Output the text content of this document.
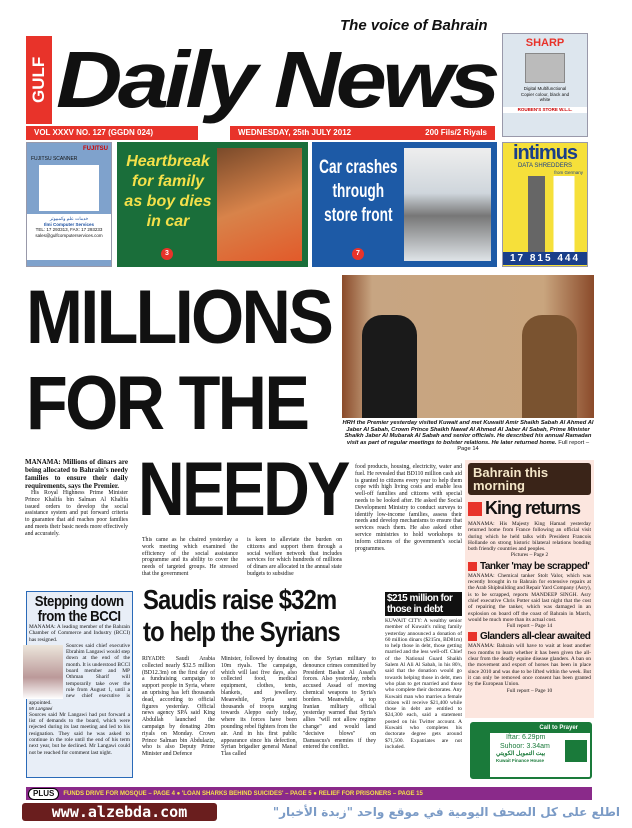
GULF
The voice of Bahrain
Daily News
VOL XXXV NO. 127 (GGDN 024)	WEDNESDAY, 25th JULY 2012	200 Fils/2 Riyals
SHARP
Digital Multifunctional Copier colour, black and white
ROUBEN'S STORE W.L.L.
FUJITSU
FUJITSU SCANNER
خدمات علم وكمبيوتر
Ilmi Computer Services
TEL: 17 293313, FAX: 17 293233
sales@gulfcomputerservices.com
Heartbreak for family as boy dies in car
3
Car crashes through store front
7
intimus
DATA SHREDDERS
from Germany
17 815 444
MILLIONS
FOR THE
NEEDY
HRH the Premier yesterday visited Kuwait and met Kuwaiti Amir Shaikh Sabah Al Ahmed Al Jaber Al Sabah, Crown Prince Shaikh Nawaf Al Ahmed Al Jaber Al Sabah, Prime Minister Shaikh Jaber Al Mubarak Al Sabah and senior officials. He described his annual Ramadan visit as part of regular meetings to bolster relations. He later returned home. Full report – Page 14
MANAMA: Millions of dinars are being allocated to Bahrain's needy families to ensure their daily requirements, says the Premier.
His Royal Highness Prime Minister Prince Khalifa bin Salman Al Khalifa issued orders to develop the social assistance system and put forward criteria to guarantee that aid reaches poor families and meets their basic needs more effectively and accurately.
This came as he chaired yesterday a work meeting which examined the efficiency of the social assistance programme and its ability to cover the needs of targeted groups. He stressed that the government
is keen to alleviate the burden on citizens and support them through a social welfare network that includes services for which hundreds of millions of dinars are allocated in the annual state budgets to subsidise
food products, housing, electricity, water and fuel. He revealed that BD110 million cash aid is granted to citizens every year to help them cope with high living costs and enable less well-off families and citizens with special needs to be looked after. He asked the Social Development Ministry to conduct surveys to identify low-income families, assess their needs and develop mechanisms to ensure that services reach them. He also asked other service ministries to hold workshops to inform citizens of the government's social programmes.
Bahrain this morning
King returns
MANAMA: His Majesty King Hamad yesterday returned home from France following an official visit during which he held talks with President Francois Hollande on strong historic bilateral relations bonding both friendly countries and peoples.
Pictures – Page 2
Tanker 'may be scrapped'
MANAMA: Chemical tanker Stolt Valor, which was recently brought in to Bahrain for extensive repairs at the Arab Shipbuilding and Repair Yard Company (Asry), is to be scrapped, reports MANDEEP SINGH. Asry chief executive Chris Potter said last night that the cost of repairing the tanker, which was damaged in an explosion on board off the coast of Bahrain in March, would be much more than its actual cost.
Full report – Page 14
Glanders all-clear awaited
MANAMA: Bahrain will have to wait at least another two months to learn whether it has been given the all-clear from the deadly equine disease glanders. A ban on the movement and export of horses has been in place since 2010 and was due to be lifted within the week. But it can only be removed once consent has been granted by the European Union.
Full report – Page 10
Call to Prayer
Iftar: 6.29pm
Suhoor: 3.34am
بيت التمويل الكويتي
Kuwait Finance House
Stepping down from the BCCI
MANAMA: A leading member of the Bahrain Chamber of Commerce and Industry (BCCI) has resigned.
Sources said chief executive Ebrahim Langawi would step down at the end of the month. It is understood BCCI board member and MP Othman Sharif will temporarily take over the role from August 1, until a new chief executive is appointed.
Mr Langawi
Sources said Mr Langawi had put forward a list of demands to the board, which were rejected during its last meeting and led to his resignation. They said he was asked to continue in the role until the end of his term next year, but he declined. Mr Langawi could not be reached for comment last night.
Saudis raise $32m
to help the Syrians
RIYADH: Saudi Arabia collected nearly $32.5 million (BD12.3m) on the first day of a fundraising campaign to support people in Syria, where an uprising has left thousands dead, according to official figures yesterday. Official news agency SPA said King Abdullah launched the campaign by donating 20m riyals on Monday. Crown Prince Salman bin Abdulaziz, who is also Deputy Prime Minister and Defence
Minister, followed by donating 10m riyals. The campaign, which will last five days, also collected food, medical equipment, clothes, tents, blankets, and jewellery. Meanwhile, Syria sent thousands of troops surging towards Aleppo early today, where its forces have been pounding rebel fighters from the air. And in his first public appearance since his defection, Syrian brigadier general Manaf Tlas called
on the Syrian military to denounce crimes committed by President Bashar Al Assad's forces. Also yesterday, rebels accused Assad of moving chemical weapons to Syria's borders. Meanwhile, a top Iranian military official yesterday warned that Syria's allies "will not allow regime change" and would land "decisive blows" on Damascus's enemies if they entered the conflict.
$215 million for those in debt
KUWAIT CITY: A wealthy senior member of Kuwait's ruling family yesterday announced a donation of 60 million dinars ($215m, BD81m) to help those in debt, those getting married and the less well-off. Chief of the National Guard Shaikh Salem Al Ali Al Sabah, in his 80's, said that the donation would go towards helping those in debt, men who plan to get married and those who complete their doctorates. Any Kuwaiti man who marries a female citizen will receive $21,400 while those in debt are entitled to $24,300 each, said a statement posted on his Twitter account. A Kuwaiti who completes his doctorate degree gets around $71,500. Expatriates are not included.
PLUS	FUNDS DRIVE FOR MOSQUE – PAGE 4 ● 'LOAN SHARKS BEHIND SUICIDES' – PAGE 5 ● RELIEF FOR PRISONERS – PAGE 15
www.alzebda.com	اطلع على كل الصحف اليومية في موقع واحد "زبدة الأخبار"
